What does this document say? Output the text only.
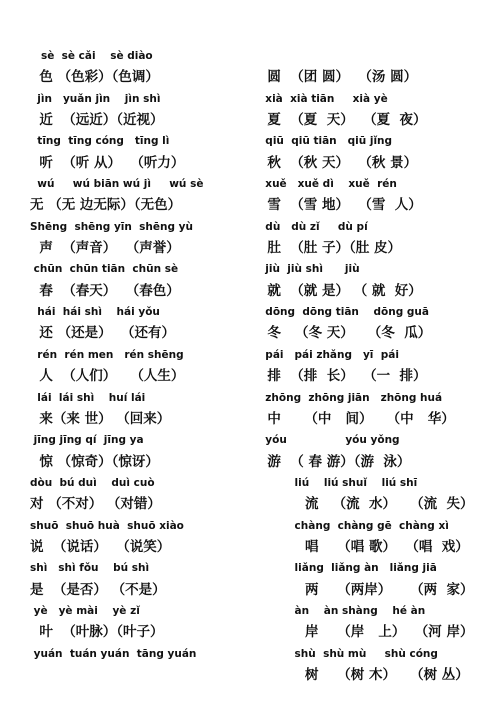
sè  sè cǎi    sè diào
色 （色彩）（色调）
jìn   yuǎn jìn    jìn shì
近  （远近）（近视）
tīng  tīng cóng   tīng lì
听  （听 从）  （听力）
wú     wú biān wú jì     wú sè
无 （无 边无际）（无色）
Shēng  shēng yīn  shēng yù
声  （声音）  （声誉）
chūn  chūn tiān  chūn sè
春  （春天）  （春色）
hái  hái shì    hái yǒu
还 （还是）  （还有）
rén  rén men   rén shēng
人  （人们）   （人生）
lái  lái shì    huí lái
来（来 世） （回来）
jīng jīng qí  jīng ya
惊 （惊奇）（惊讶）
dòu  bú duì    duì cuò
对 （不对） （对错）
shuō  shuō huà  shuō xiào
说  （说话）  （说笑）
shì   shì fǒu    bú shì
是  （是否） （不是）
yè   yè mài    yè zǐ
叶  （叶脉）（叶子）
yuán  tuán yuán  tāng yuán
圆  （团 圆）  （汤 圆）
xià  xià tiān     xià yè
夏  （夏  天）  （夏  夜）
qiū  qiū tiān   qiū jǐng
秋  （秋 天）  （秋 景）
xuě   xuě dì    xuě  rén
雪  （雪 地）  （雪  人）
dù   dù zǐ     dù pí
肚  （肚 子）（肚 皮）
jiù  jiù shì      jiù
就  （就 是） （ 就  好）
dōng  dōng tiān    dōng guā
冬   （冬 天）   （冬  瓜）
pái   pái zhǎng   yī  pái
排  （排  长）  （一  排）
zhōng  zhōng jiān   zhōng huá
中     （中   间）   （中   华）
yóu                yóu yǒng
游  （ 春 游）（游  泳）
liú    liú shuǐ    liú shī
流   （流  水）   （流  失）
chàng  chàng gē  chàng xì
唱    （唱 歌）  （唱  戏）
liǎng  liǎng àn   liǎng jiā
两    （两岸）    （两  家）
àn    àn shàng    hé àn
岸    （岸   上）  （河 岸）
shù  shù mù     shù cóng
树    （树 木）   （树 丛）
